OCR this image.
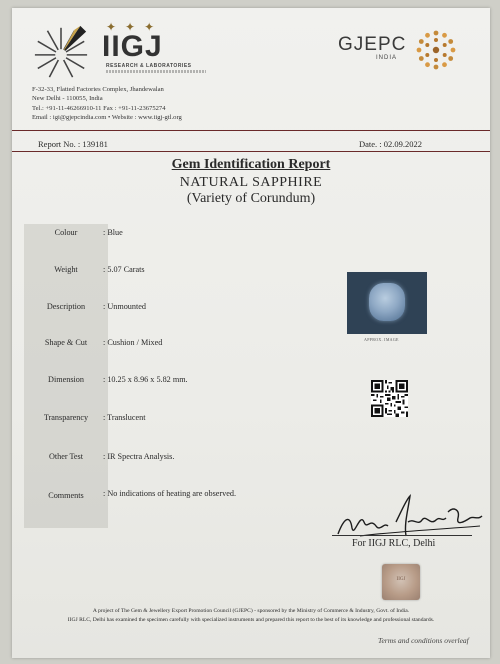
✦✦✦
IIGJ
RESEARCH & LABORATORIES
GJEPC
INDIA
F-32-33, Flatted Factories Complex, Jhandewalan
New Delhi - 110055, India
Tel.: +91-11-46266910-11 Fax : +91-11-23675274
Email : igi@gjepcindia.com • Website : www.iigj-gtl.org
Report No. : 139181	Date. : 02.09.2022
Gem Identification Report
NATURAL SAPPHIRE
(Variety of Corundum)
Colour	: Blue
Weight	: 5.07 Carats
Description	: Unmounted
Shape & Cut	: Cushion / Mixed
Dimension	: 10.25 x 8.96 x 5.82 mm.
Transparency	: Translucent
Other Test	: IR Spectra Analysis.
Comments	: No indications of heating are observed.
APPROX. IMAGE
For IIGJ RLC, Delhi
IIGJ
A project of The Gem & Jewellery Export Promotion Council (GJEPC) - sponsored by the Ministry of Commerce & Industry, Govt. of India.
IIGJ RLC, Delhi has examined the specimen carefully with specialized instruments and prepared this report to the best of its knowledge and professional standards.
Terms and conditions overleaf
